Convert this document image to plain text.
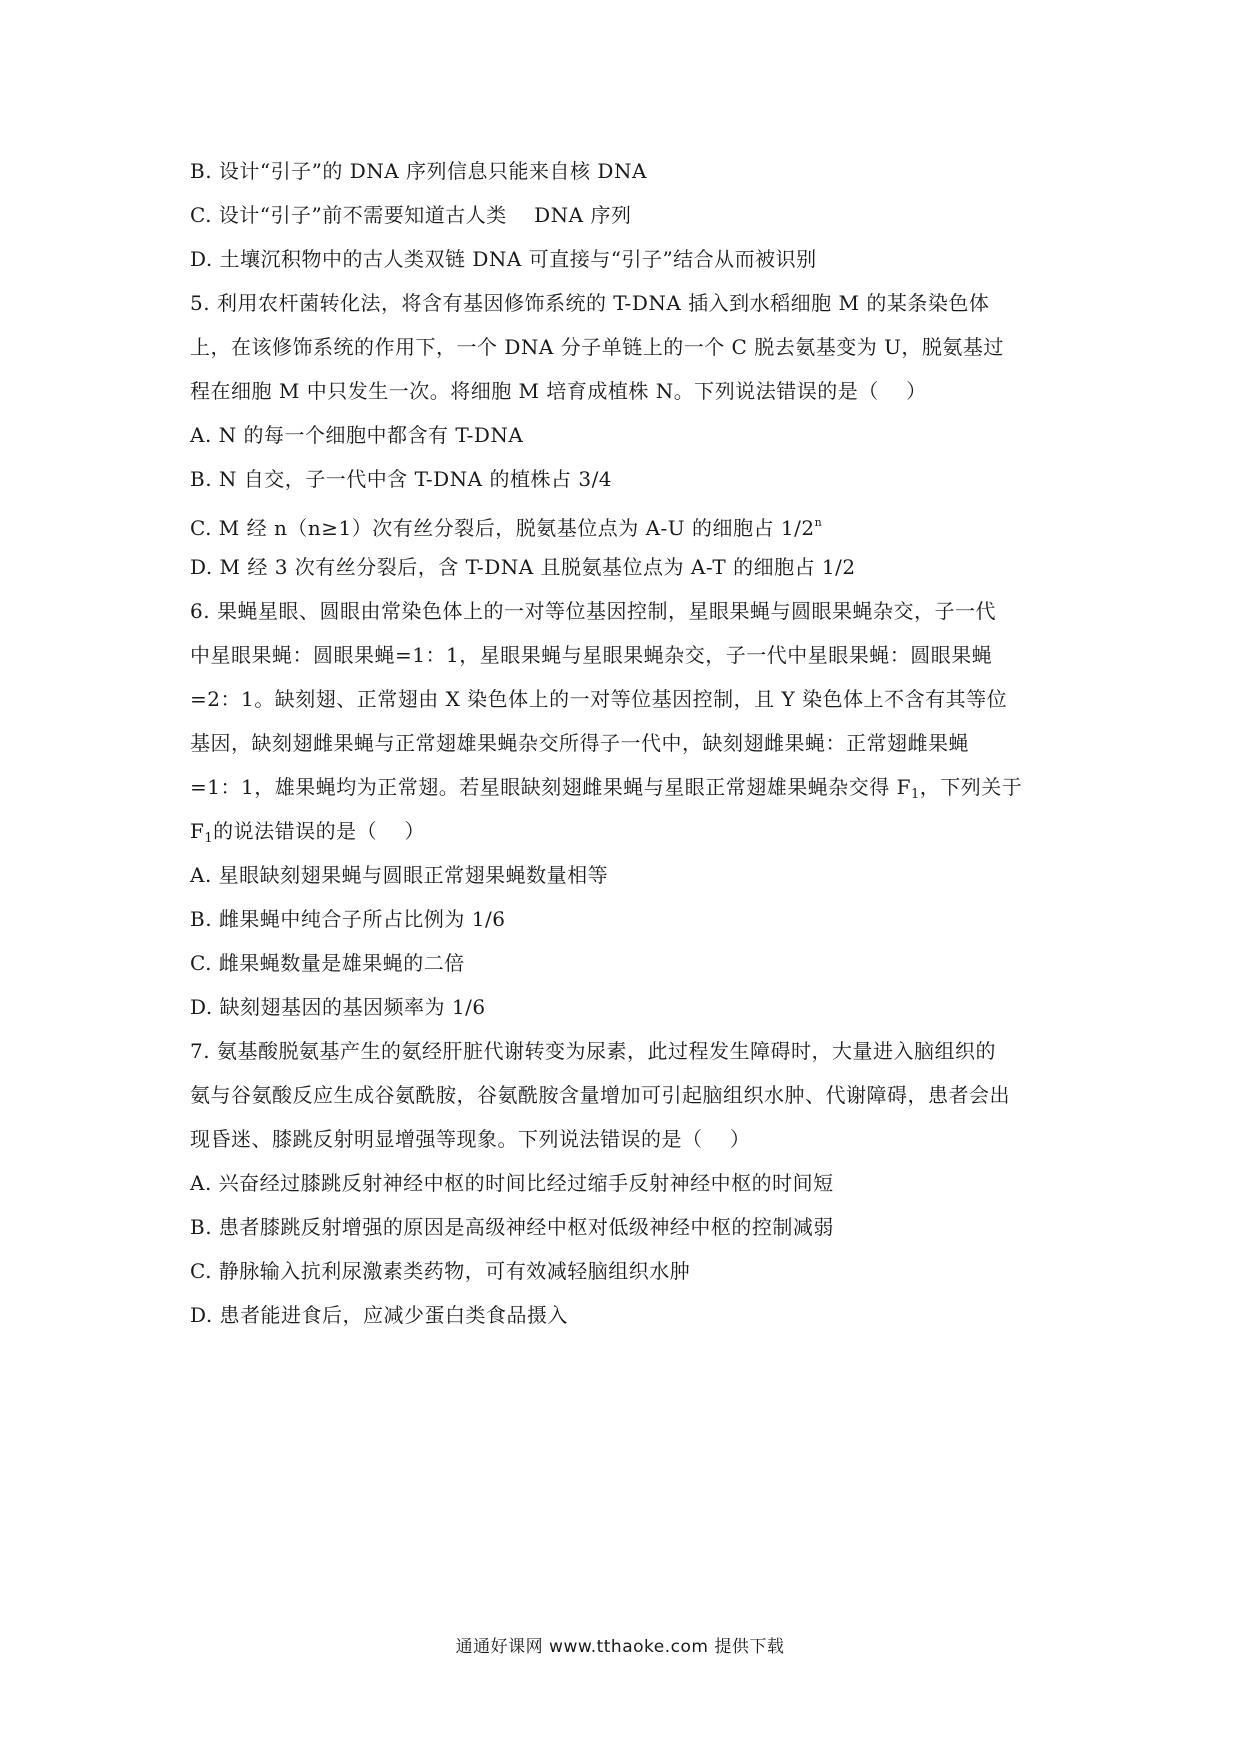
B. 设计“引子”的 DNA 序列信息只能来自核 DNA
C. 设计“引子”前不需要知道古人类　 DNA 序列
D. 土壤沉积物中的古人类双链 DNA 可直接与“引子”结合从而被识别
5. 利用农杆菌转化法，将含有基因修饰系统的 T-DNA 插入到水稻细胞 M 的某条染色体
上，在该修饰系统的作用下，一个 DNA 分子单链上的一个 C 脱去氨基变为 U，脱氨基过
程在细胞 M 中只发生一次。将细胞 M 培育成植株 N。下列说法错误的是（　 ）
A. N 的每一个细胞中都含有 T-DNA
B. N 自交，子一代中含 T-DNA 的植株占 3/4
C. M 经 n（n≥1）次有丝分裂后，脱氨基位点为 A-U 的细胞占 1/2$^n$
D. M 经 3 次有丝分裂后，含 T-DNA 且脱氨基位点为 A-T 的细胞占 1/2
6. 果蝇星眼、圆眼由常染色体上的一对等位基因控制，星眼果蝇与圆眼果蝇杂交，子一代
中星眼果蝇：圆眼果蝇=1：1，星眼果蝇与星眼果蝇杂交，子一代中星眼果蝇：圆眼果蝇
=2：1。缺刻翅、正常翅由 X 染色体上的一对等位基因控制，且 Y 染色体上不含有其等位
基因，缺刻翅雌果蝇与正常翅雄果蝇杂交所得子一代中，缺刻翅雌果蝇：正常翅雌果蝇
=1：1，雄果蝇均为正常翅。若星眼缺刻翅雌果蝇与星眼正常翅雄果蝇杂交得 $F_1$，下列关于
$F_1$的说法错误的是（　 ）
A. 星眼缺刻翅果蝇与圆眼正常翅果蝇数量相等
B. 雌果蝇中纯合子所占比例为 1/6
C. 雌果蝇数量是雄果蝇的二倍
D. 缺刻翅基因的基因频率为 1/6
7. 氨基酸脱氨基产生的氨经肝脏代谢转变为尿素，此过程发生障碍时，大量进入脑组织的
氨与谷氨酸反应生成谷氨酰胺，谷氨酰胺含量增加可引起脑组织水肿、代谢障碍，患者会出
现昏迷、膝跳反射明显增强等现象。下列说法错误的是（　 ）
A. 兴奋经过膝跳反射神经中枢的时间比经过缩手反射神经中枢的时间短
B. 患者膝跳反射增强的原因是高级神经中枢对低级神经中枢的控制减弱
C. 静脉输入抗利尿激素类药物，可有效减轻脑组织水肿
D. 患者能进食后，应减少蛋白类食品摄入
通通好课网 www.tthaoke.com 提供下载
